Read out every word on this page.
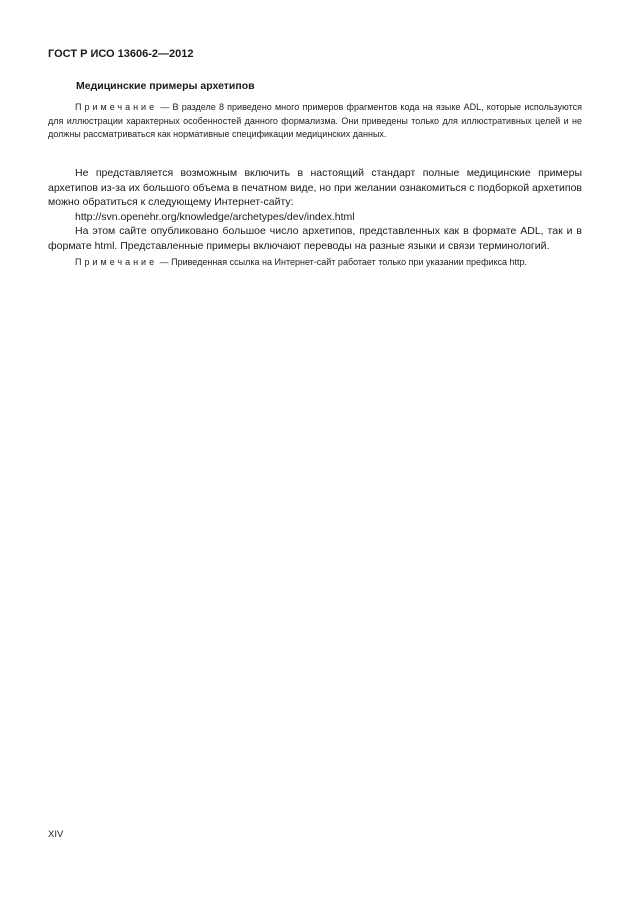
ГОСТ Р ИСО 13606-2—2012
Медицинские примеры архетипов
Примечание — В разделе 8 приведено много примеров фрагментов кода на языке ADL, которые используются для иллюстрации характерных особенностей данного формализма. Они приведены только для иллюстративных целей и не должны рассматриваться как нормативные спецификации медицинских данных.

Не представляется возможным включить в настоящий стандарт полные медицинские примеры архетипов из-за их большого объема в печатном виде, но при желании ознакомиться с подборкой архетипов можно обратиться к следующему Интернет-сайту:

http://svn.openehr.org/knowledge/archetypes/dev/index.html

На этом сайте опубликовано большое число архетипов, представленных как в формате ADL, так и в формате html. Представленные примеры включают переводы на разные языки и связи терминологий.

Примечание — Приведенная ссылка на Интернет-сайт работает только при указании префикса http.
XIV
